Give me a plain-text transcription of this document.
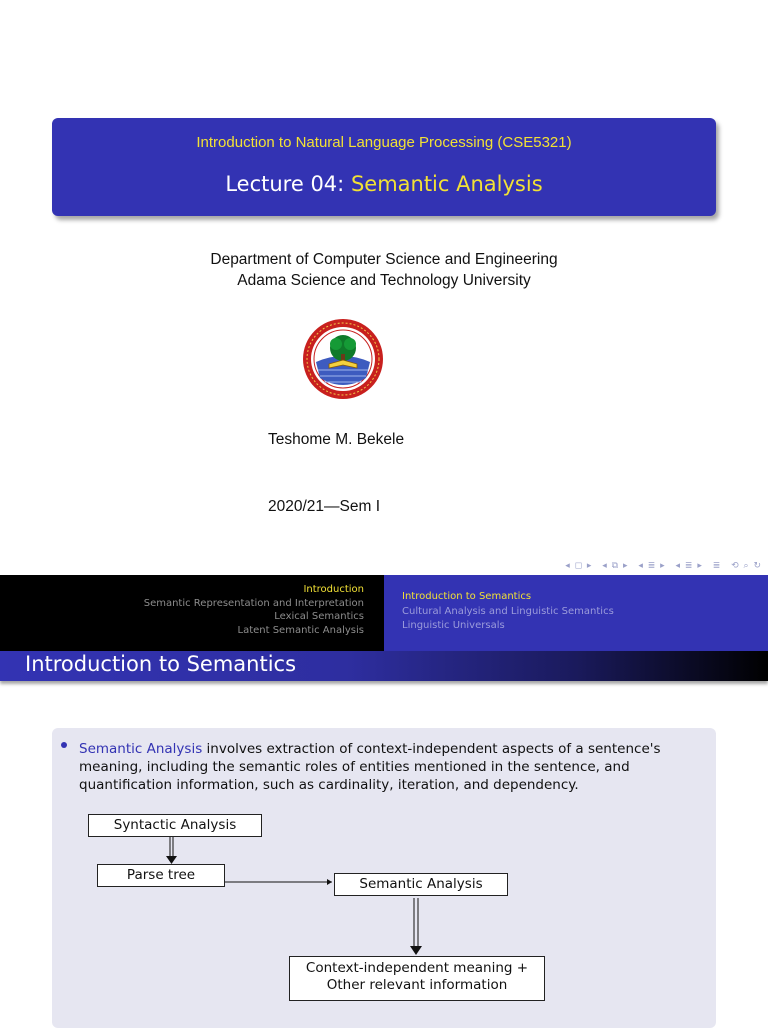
Introduction to Natural Language Processing (CSE5321)
Lecture 04: Semantic Analysis
Department of Computer Science and Engineering
Adama Science and Technology University
Teshome M. Bekele
2020/21—Sem I
◂ ◻ ▸ ◂ ⧉ ▸ ◂ ≣ ▸ ◂ ≣ ▸ ≣ ⟲ ⌕ ↻
Introduction
Semantic Representation and Interpretation
Lexical Semantics
Latent Semantic Analysis
Introduction to Semantics
Cultural Analysis and Linguistic Semantics
Linguistic Universals
Introduction to Semantics
Semantic Analysis involves extraction of context-independent aspects of a sentence's meaning, including the semantic roles of entities mentioned in the sentence, and quantification information, such as cardinality, iteration, and dependency.
Syntactic Analysis
Parse tree
Semantic Analysis
Context-independent meaning +
Other relevant information
